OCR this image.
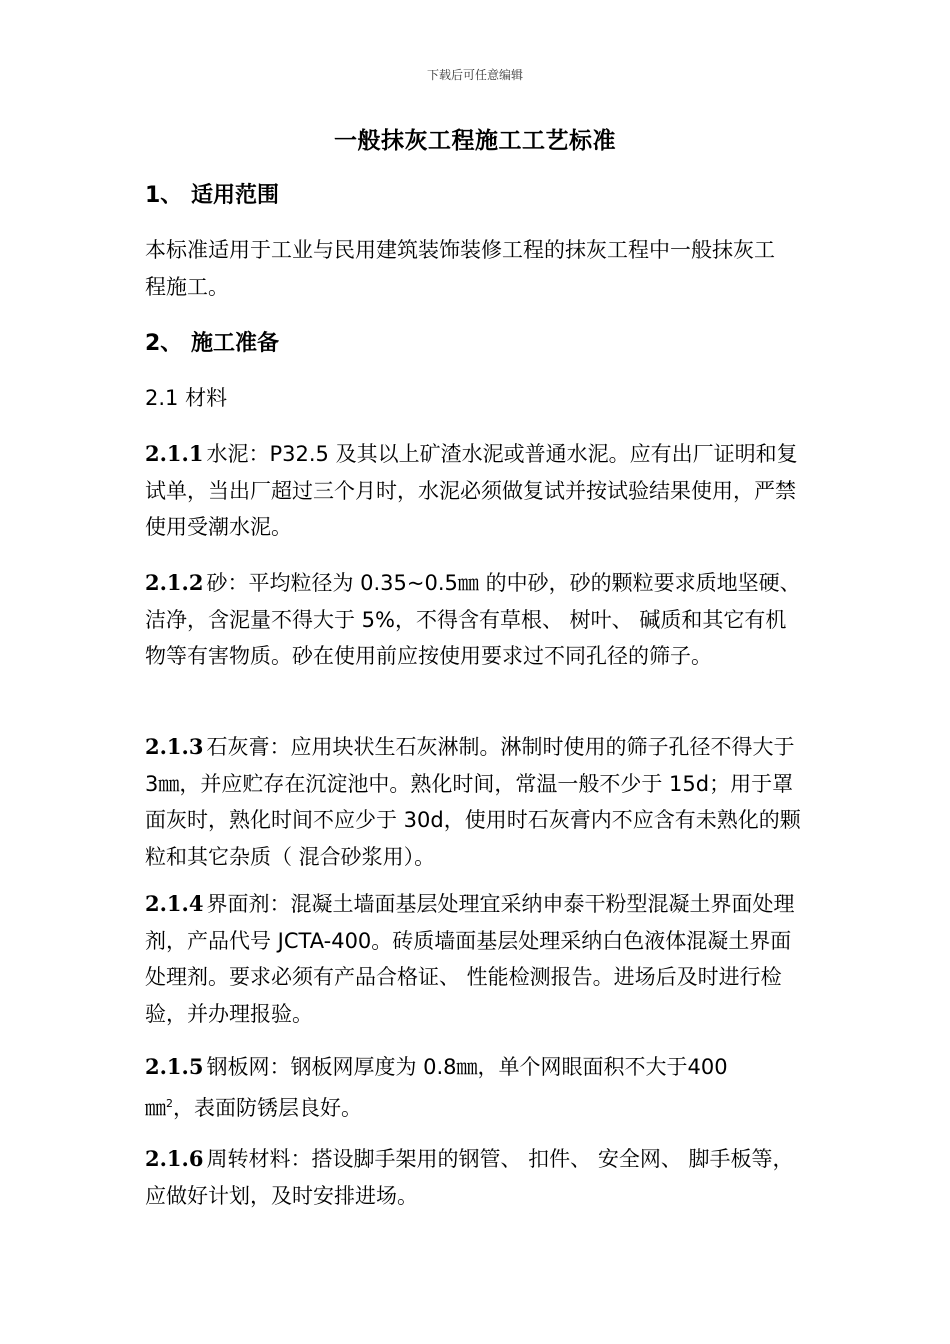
下载后可任意编辑
一般抹灰工程施工工艺标准
1、 适用范围
本标准适用于工业与民用建筑装饰装修工程的抹灰工程中一般抹灰工程施工。
2、 施工准备
2.1 材料
2.1.1 水泥：P32.5 及其以上矿渣水泥或普通水泥。应有出厂证明和复试单，当出厂超过三个月时，水泥必须做复试并按试验结果使用，严禁使用受潮水泥。
2.1.2 砂：平均粒径为 0.35~0.5㎜ 的中砂，砂的颗粒要求质地坚硬、 洁净，含泥量不得大于 5%，不得含有草根、 树叶、 碱质和其它有机物等有害物质。砂在使用前应按使用要求过不同孔径的筛子。
2.1.3 石灰膏：应用块状生石灰淋制。淋制时使用的筛子孔径不得大于 3㎜，并应贮存在沉淀池中。熟化时间，常温一般不少于 15d；用于罩面灰时，熟化时间不应少于 30d，使用时石灰膏内不应含有未熟化的颗粒和其它杂质（ 混合砂浆用）。
2.1.4 界面剂：混凝土墙面基层处理宜采纳申泰干粉型混凝土界面处理剂，产品代号 JCTA-400。砖质墙面基层处理采纳白色液体混凝土界面处理剂。要求必须有产品合格证、 性能检测报告。进场后及时进行检验，并办理报验。
2.1.5 钢板网：钢板网厚度为 0.8㎜，单个网眼面积不大于400㎜$^2$，表面防锈层良好。
2.1.6 周转材料：搭设脚手架用的钢管、 扣件、 安全网、 脚手板等，应做好计划，及时安排进场。
